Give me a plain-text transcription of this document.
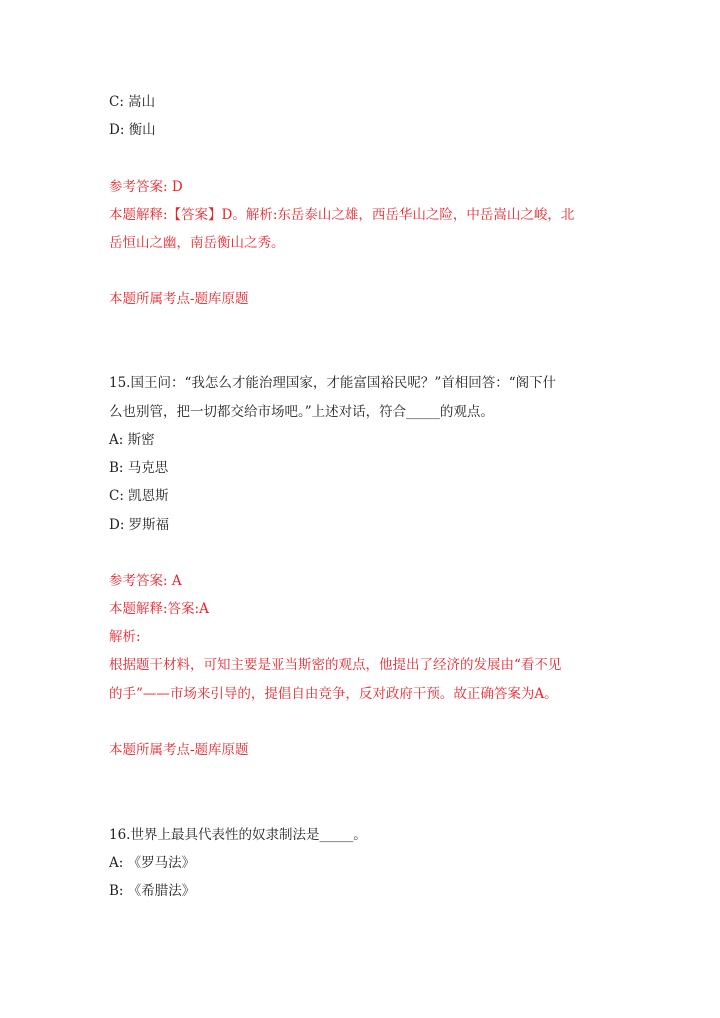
C: 嵩山

D: 衡山

参考答案: D

本题解释:【答案】D。解析:东岳泰山之雄，西岳华山之险，中岳嵩山之峻，北

岳恒山之幽，南岳衡山之秀。

本题所属考点-题库原题

15.国王问：“我怎么才能治理国家，才能富国裕民呢？”首相回答：“阁下什

么也别管，把一切都交给市场吧。”上述对话，符合_____的观点。

A: 斯密

B: 马克思

C: 凯恩斯

D: 罗斯福

参考答案: A

本题解释:答案:A

解析:

根据题干材料，可知主要是亚当斯密的观点，他提出了经济的发展由“看不见

的手”——市场来引导的，提倡自由竞争，反对政府干预。故正确答案为A。

本题所属考点-题库原题

16.世界上最具代表性的奴隶制法是_____。

A: 《罗马法》

B: 《希腊法》
